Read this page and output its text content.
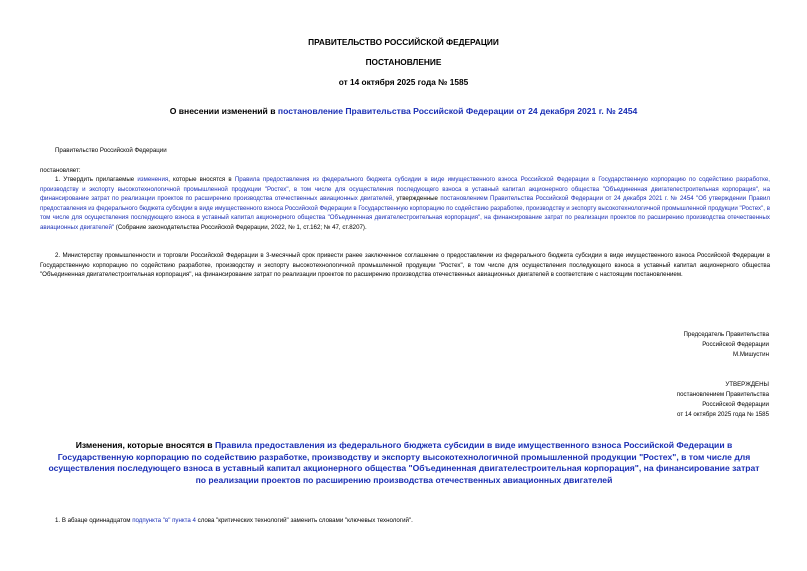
ПРАВИТЕЛЬСТВО РОССИЙСКОЙ ФЕДЕРАЦИИ
ПОСТАНОВЛЕНИЕ
от 14 октября 2025 года № 1585
О внесении изменений в постановление Правительства Российской Федерации от 24 декабря 2021 г. № 2454
Правительство Российской Федерации
постановляет:
1. Утвердить прилагаемые изменения, которые вносятся в Правила предоставления из федерального бюджета субсидии в виде имущественного взноса Российской Федерации в Государственную корпорацию по содействию разработке, производству и экспорту высокотехнологичной промышленной продукции "Ростех", в том числе для осуществления последующего взноса в уставный капитал акционерного общества "Объединенная двигателестроительная корпорация", на финансирование затрат по реализации проектов по расширению производства отечественных авиационных двигателей, утвержденные постановлением Правительства Российской Федерации от 24 декабря 2021 г. № 2454 "Об утверждении Правил предоставления из федерального бюджета субсидии в виде имущественного взноса Российской Федерации в Государственную корпорацию по содействию разработке, производству и экспорту высокотехнологичной промышленной продукции "Ростех", в том числе для осуществления последующего взноса в уставный капитал акционерного общества "Объединенная двигателестроительная корпорация", на финансирование затрат по реализации проектов по расширению производства отечественных авиационных двигателей" (Собрание законодательства Российской Федерации, 2022, № 1, ст.162; № 47, ст.8207).
2. Министерству промышленности и торговли Российской Федерации в 3-месячный срок привести ранее заключенное соглашение о предоставлении из федерального бюджета субсидии в виде имущественного взноса Российской Федерации в Государственную корпорацию по содействию разработке, производству и экспорту высокотехнологичной промышленной продукции "Ростех", в том числе для осуществления последующего взноса в уставный капитал акционерного общества "Объединенная двигателестроительная корпорация", на финансирование затрат по реализации проектов по расширению производства отечественных авиационных двигателей в соответствие с настоящим постановлением.
Председатель Правительства
Российской Федерации
М.Мишустин
УТВЕРЖДЕНЫ
постановлением Правительства
Российской Федерации
от 14 октября 2025 года № 1585
Изменения, которые вносятся в Правила предоставления из федерального бюджета субсидии в виде имущественного взноса Российской Федерации в Государственную корпорацию по содействию разработке, производству и экспорту высокотехнологичной промышленной продукции "Ростех", в том числе для осуществления последующего взноса в уставный капитал акционерного общества "Объединенная двигателестроительная корпорация", на финансирование затрат по реализации проектов по расширению производства отечественных авиационных двигателей
1. В абзаце одиннадцатом подпункта "в" пункта 4 слова "критических технологий" заменить словами "ключевых технологий".
